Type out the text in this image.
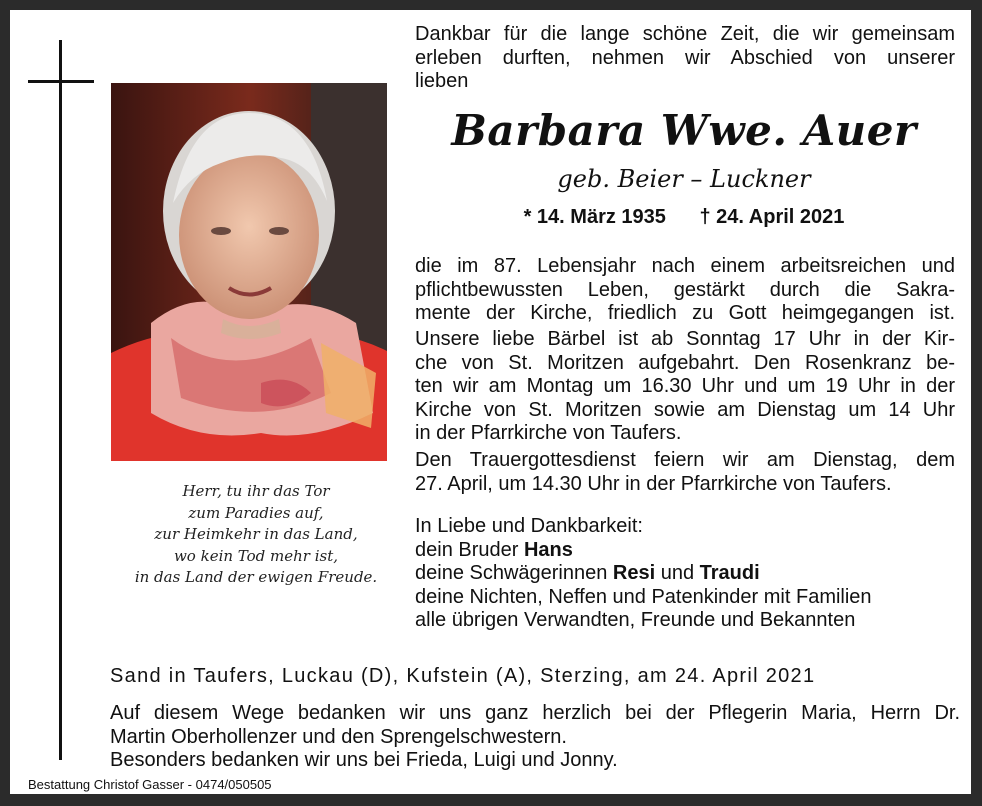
Herr, tu ihr das Tor
zum Paradies auf,
zur Heimkehr in das Land,
wo kein Tod mehr ist,
in das Land der ewigen Freude.
Dankbar für die lange schöne Zeit, die wir gemeinsam
erleben durften, nehmen wir Abschied von unserer
lieben
Barbara Wwe. Auer
geb. Beier – Luckner
* 14. März 1935 † 24. April 2021
die im 87. Lebensjahr nach einem arbeitsreichen und
pflichtbewussten Leben, gestärkt durch die Sakra-
mente der Kirche, friedlich zu Gott heimgegangen ist.
Unsere liebe Bärbel ist ab Sonntag 17 Uhr in der Kir-
che von St. Moritzen aufgebahrt. Den Rosenkranz be-
ten wir am Montag um 16.30 Uhr und um 19 Uhr in der
Kirche von St. Moritzen sowie am Dienstag um 14 Uhr
in der Pfarrkirche von Taufers.
Den Trauergottesdienst feiern wir am Dienstag, dem
27. April, um 14.30 Uhr in der Pfarrkirche von Taufers.
In Liebe und Dankbarkeit:
dein Bruder Hans
deine Schwägerinnen Resi und Traudi
deine Nichten, Neffen und Patenkinder mit Familien
alle übrigen Verwandten, Freunde und Bekannten
Sand in Taufers, Luckau (D), Kufstein (A), Sterzing, am 24. April 2021
Auf diesem Wege bedanken wir uns ganz herzlich bei der Pflegerin Maria, Herrn Dr.
Martin Oberhollenzer und den Sprengelschwestern.
Besonders bedanken wir uns bei Frieda, Luigi und Jonny.
Bestattung Christof Gasser - 0474/050505
